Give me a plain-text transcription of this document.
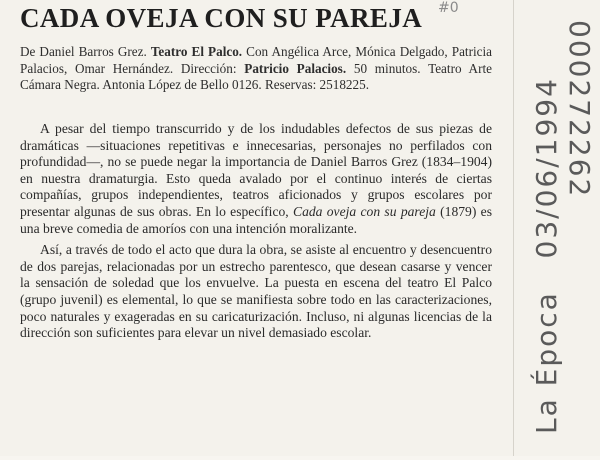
CADA OVEJA CON SU PAREJA #0
De Daniel Barros Grez. Teatro El Palco. Con Angélica Arce, Mónica Delgado, Patricia Palacios, Omar Hernández. Dirección: Patricio Palacios. 50 minutos. Teatro Arte Cámara Negra. Antonia López de Bello 0126. Reservas: 2518225.

A pesar del tiempo transcurrido y de los indudables defectos de sus piezas de dramáticas —situaciones repetitivas e innecesarias, personajes no perfilados con profundidad—, no se puede negar la importancia de Daniel Barros Grez (1834–1904) en nuestra dramaturgia. Esto queda avalado por el continuo interés de ciertas compañías, grupos independientes, teatros aficionados y grupos escolares por presentar algunas de sus obras. En lo específico, Cada oveja con su pareja (1879) es una breve comedia de amoríos con una intención moralizante.

Así, a través de todo el acto que dura la obra, se asiste al encuentro y desencuentro de dos parejas, relacionadas por un estrecho parentesco, que desean casarse y vencer la sensación de soledad que los envuelve. La puesta en escena del teatro El Palco (grupo juvenil) es elemental, lo que se manifiesta sobre todo en las caracterizaciones, poco naturales y exageradas en su caricaturización. Incluso, ni algunas licencias de la dirección son suficientes para elevar un nivel demasiado escolar.	La Época   03/06/1994 000272262
